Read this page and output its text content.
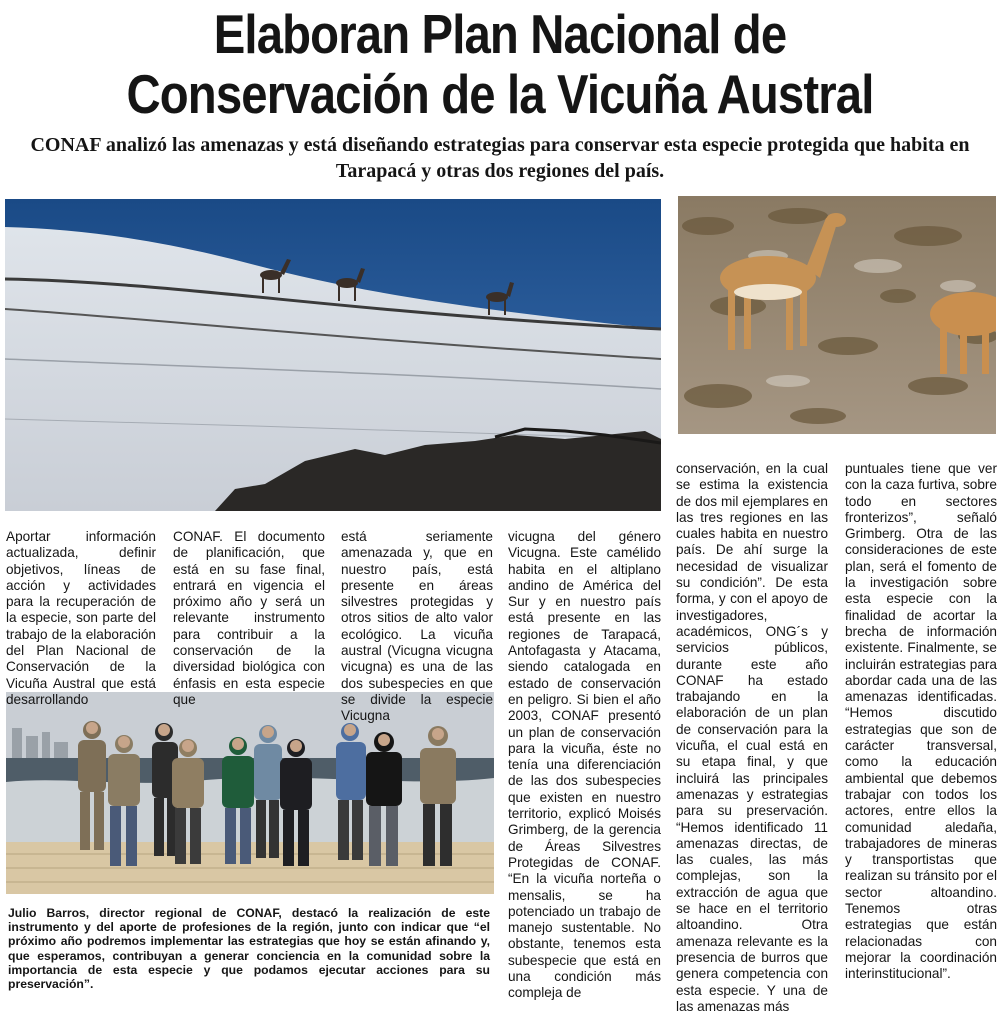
Elaboran Plan Nacional de
Conservación de la Vicuña Austral

CONAF analizó las amenazas y está diseñando estrategias para conservar esta especie protegida que habita en Tarapacá y otras dos regiones del país.

Aportar información actualizada, definir objetivos, líneas de acción y actividades para la recuperación de la especie, son parte del trabajo de la elaboración del Plan Nacional de Conservación de la Vicuña Austral que está desarrollando

CONAF. El documento de planificación, que está en su fase final, entrará en vigencia el próximo año y será un relevante instrumento para contribuir a la conservación de la diversidad biológica con énfasis en esta especie que

está seriamente amenazada y, que en nuestro país, está presente en áreas silvestres protegidas y otros sitios de alto valor ecológico. La vicuña austral (Vicugna vicugna vicugna) es una de las dos subespecies en que se divide la especie Vicugna

vicugna del género Vicugna. Este camélido habita en el altiplano andino de América del Sur y en nuestro país está presente en las regiones de Tarapacá, Antofagasta y Atacama, siendo catalogada en estado de conservación en peligro. Si bien el año 2003, CONAF presentó un plan de conservación para la vicuña, éste no tenía una diferenciación de las dos subespecies que existen en nuestro territorio, explicó Moisés Grimberg, de la gerencia de Áreas Silvestres Protegidas de CONAF. “En la vicuña norteña o mensalis, se ha potenciado un trabajo de manejo sustentable. No obstante, tenemos esta subespecie que está en una condición más compleja de

conservación, en la cual se estima la existencia de dos mil ejemplares en las tres regiones en las cuales habita en nuestro país. De ahí surge la necesidad de visualizar su condición”. De esta forma, y con el apoyo de investigadores, académicos, ONG´s y servicios públicos, durante este año CONAF ha estado trabajando en la elaboración de un plan de conservación para la vicuña, el cual está en su etapa final, y que incluirá las principales amenazas y estrategias para su preservación. “Hemos identificado 11 amenazas directas, de las cuales, las más complejas, son la extracción de agua que se hace en el territorio altoandino. Otra amenaza relevante es la presencia de burros que genera competencia con esta especie. Y una de las amenazas más

puntuales tiene que ver con la caza furtiva, sobre todo en sectores fronterizos”, señaló Grimberg. Otra de las consideraciones de este plan, será el fomento de la investigación sobre esta especie con la finalidad de acortar la brecha de información existente. Finalmente, se incluirán estrategias para abordar cada una de las amenazas identificadas. “Hemos discutido estrategias que son de carácter transversal, como la educación ambiental que debemos trabajar con todos los actores, entre ellos la comunidad aledaña, trabajadores de mineras y transportistas que realizan su tránsito por el sector altoandino. Tenemos otras estrategias que están relacionadas con mejorar la coordinación interinstitucional”.

Julio Barros, director regional de CONAF, destacó la realización de este instrumento y del aporte de profesiones de la región, junto con indicar que “el próximo año podremos implementar las estrategias que hoy se están afinando y, que esperamos, contribuyan a generar conciencia en la comunidad sobre la importancia de esta especie y que podamos ejecutar acciones para su preservación”.
